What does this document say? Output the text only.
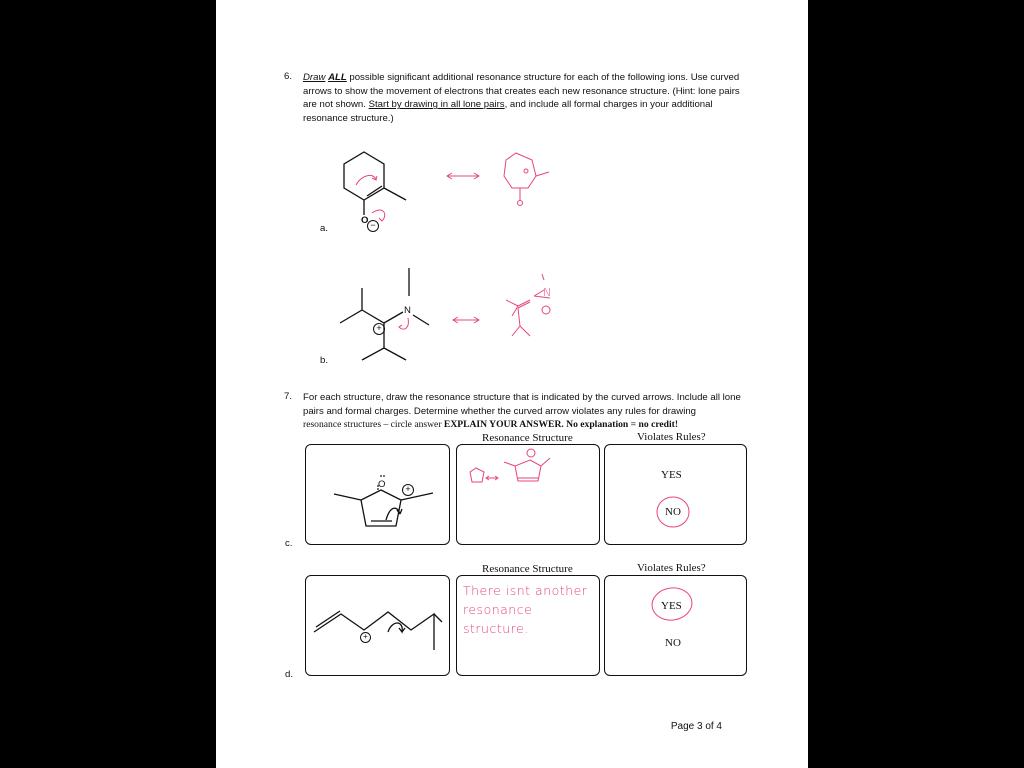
6. Draw ALL possible significant additional resonance structure for each of the following ions. Use curved
arrows to show the movement of electrons that creates each new resonance structure. (Hint: lone pairs
are not shown. Start by drawing in all lone pairs, and include all formal charges in your additional
resonance structure.)
O −
a.
N
+
b.
N
7. For each structure, draw the resonance structure that is indicated by the curved arrows. Include all lone
pairs and formal charges. Determine whether the curved arrow violates any rules for drawing
resonance structures – circle answer EXPLAIN YOUR ANSWER. No explanation = no credit!
Resonance Structure	Violates Rules?
O	+
YES
NO
c.
Resonance Structure	Violates Rules?
+
d.
There isnt another resonance structure.
YES
NO
Page 3 of 4
